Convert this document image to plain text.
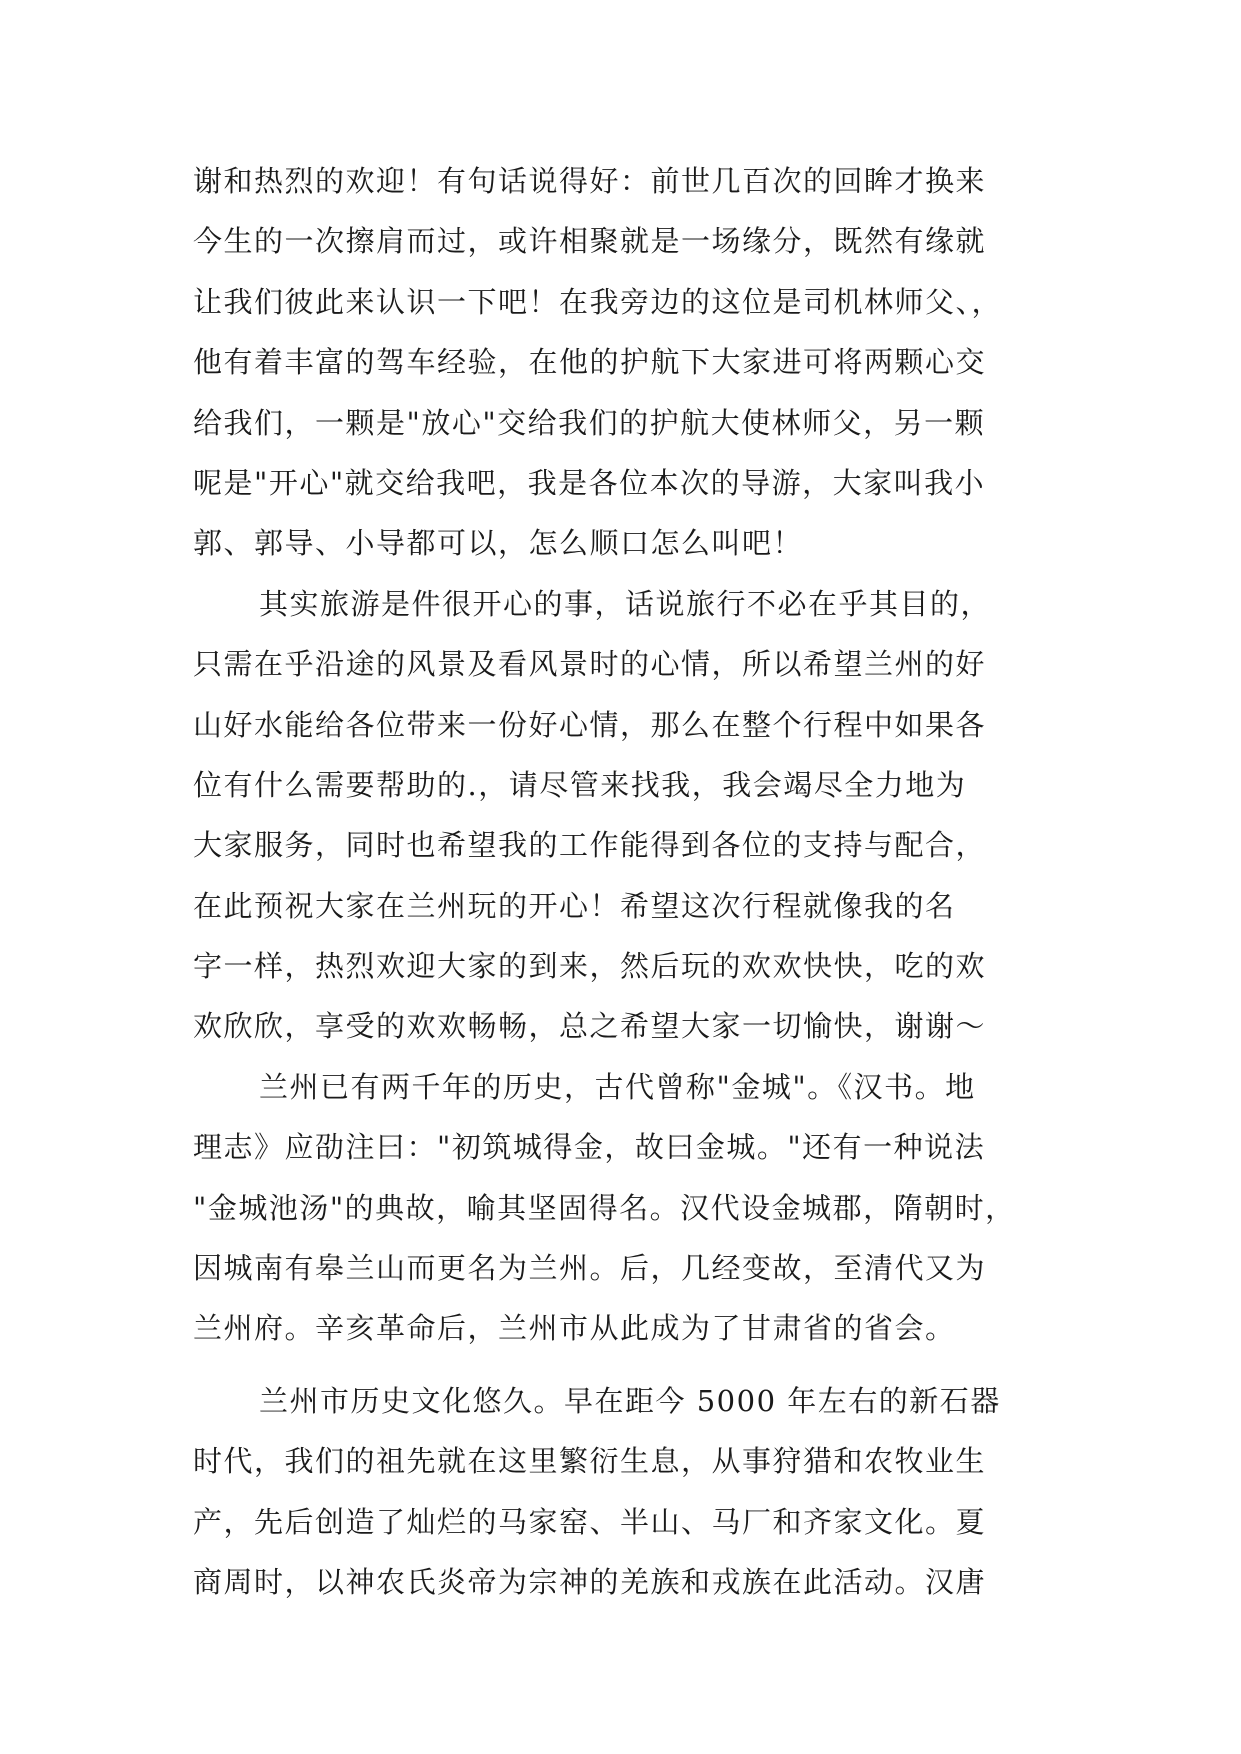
谢和热烈的欢迎！有句话说得好：前世几百次的回眸才换来
今生的一次擦肩而过，或许相聚就是一场缘分，既然有缘就
让我们彼此来认识一下吧！在我旁边的这位是司机林师父、，
他有着丰富的驾车经验，在他的护航下大家进可将两颗心交
给我们，一颗是"放心"交给我们的护航大使林师父，另一颗
呢是"开心"就交给我吧，我是各位本次的导游，大家叫我小
郭、郭导、小导都可以，怎么顺口怎么叫吧！
其实旅游是件很开心的事，话说旅行不必在乎其目的，
只需在乎沿途的风景及看风景时的心情，所以希望兰州的好
山好水能给各位带来一份好心情，那么在整个行程中如果各
位有什么需要帮助的.，请尽管来找我，我会竭尽全力地为
大家服务，同时也希望我的工作能得到各位的支持与配合，
在此预祝大家在兰州玩的开心！希望这次行程就像我的名
字一样，热烈欢迎大家的到来，然后玩的欢欢快快，吃的欢
欢欣欣，享受的欢欢畅畅，总之希望大家一切愉快，谢谢～
兰州已有两千年的历史，古代曾称"金城"。《汉书。地
理志》应劭注曰："初筑城得金，故曰金城。"还有一种说法
"金城池汤"的典故，喻其坚固得名。汉代设金城郡，隋朝时，
因城南有皋兰山而更名为兰州。后，几经变故，至清代又为
兰州府。辛亥革命后，兰州市从此成为了甘肃省的省会。
兰州市历史文化悠久。早在距今 5000 年左右的新石器
时代，我们的祖先就在这里繁衍生息，从事狩猎和农牧业生
产，先后创造了灿烂的马家窑、半山、马厂和齐家文化。夏
商周时，以神农氏炎帝为宗神的羌族和戎族在此活动。汉唐
